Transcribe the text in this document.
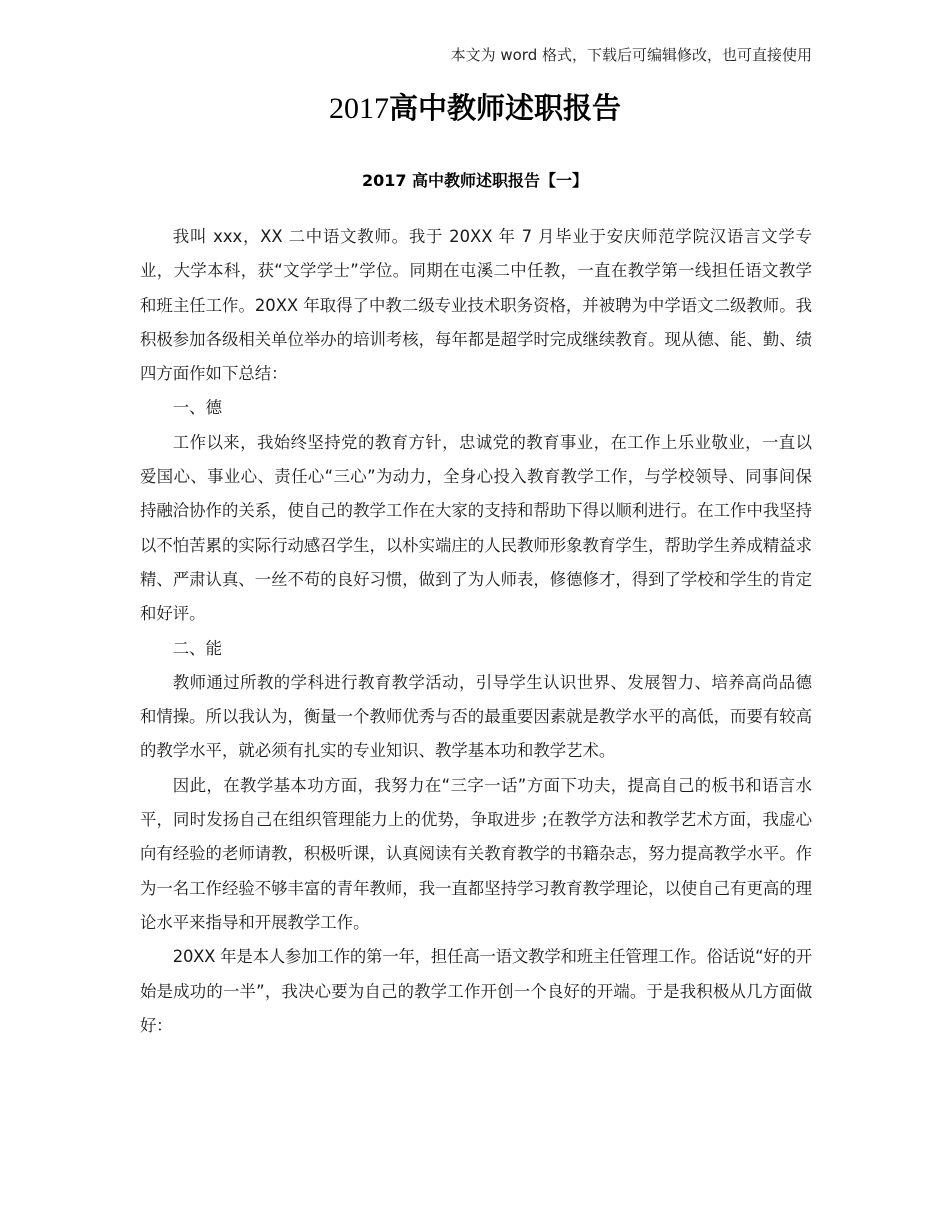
本文为 word 格式，下载后可编辑修改，也可直接使用
2017高中教师述职报告
2017 高中教师述职报告【一】

我叫 xxx，XX 二中语文教师。我于 20XX 年 7 月毕业于安庆师范学院汉语言文学专业，大学本科，获“文学学士”学位。同期在屯溪二中任教，一直在教学第一线担任语文教学和班主任工作。20XX 年取得了中教二级专业技术职务资格，并被聘为中学语文二级教师。我积极参加各级相关单位举办的培训考核，每年都是超学时完成继续教育。现从德、能、勤、绩四方面作如下总结：

一、德

工作以来，我始终坚持党的教育方针，忠诚党的教育事业，在工作上乐业敬业，一直以爱国心、事业心、责任心“三心”为动力，全身心投入教育教学工作，与学校领导、同事间保持融洽协作的关系，使自己的教学工作在大家的支持和帮助下得以顺利进行。在工作中我坚持以不怕苦累的实际行动感召学生，以朴实端庄的人民教师形象教育学生，帮助学生养成精益求精、严肃认真、一丝不苟的良好习惯，做到了为人师表，修德修才，得到了学校和学生的肯定和好评。

二、能

教师通过所教的学科进行教育教学活动，引导学生认识世界、发展智力、培养高尚品德和情操。所以我认为，衡量一个教师优秀与否的最重要因素就是教学水平的高低，而要有较高的教学水平，就必须有扎实的专业知识、教学基本功和教学艺术。

因此，在教学基本功方面，我努力在“三字一话”方面下功夫，提高自己的板书和语言水平，同时发扬自己在组织管理能力上的优势，争取进步 ;在教学方法和教学艺术方面，我虚心向有经验的老师请教，积极听课，认真阅读有关教育教学的书籍杂志，努力提高教学水平。作为一名工作经验不够丰富的青年教师，我一直都坚持学习教育教学理论，以使自己有更高的理论水平来指导和开展教学工作。

20XX 年是本人参加工作的第一年，担任高一语文教学和班主任管理工作。俗话说“好的开始是成功的一半”，我决心要为自己的教学工作开创一个良好的开端。于是我积极从几方面做好：
